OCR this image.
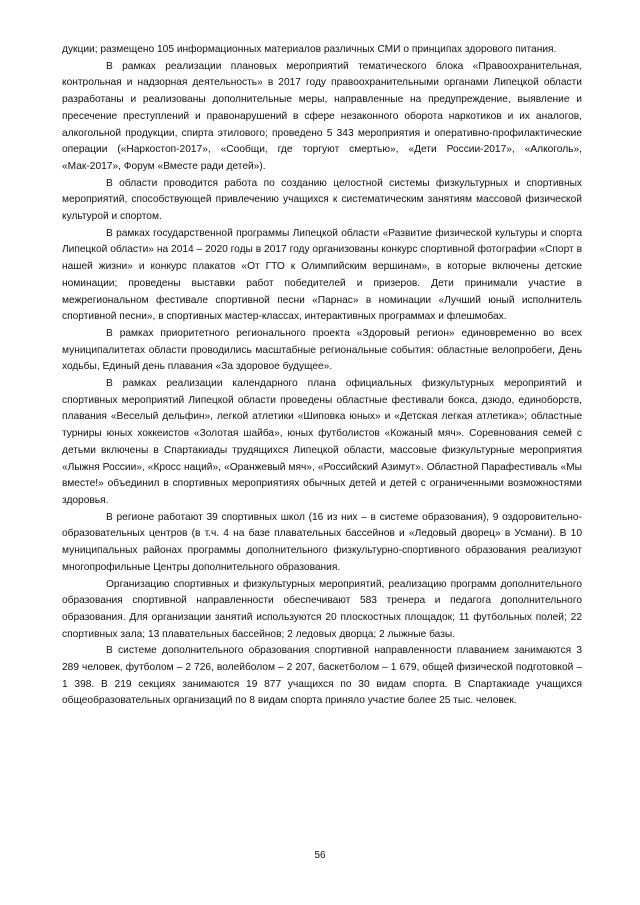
дукции; размещено 105 информационных материалов различных СМИ о принципах здорового питания.

В рамках реализации плановых мероприятий тематического блока «Правоохранительная, контрольная и надзорная деятельность» в 2017 году правоохранительными органами Липецкой области разработаны и реализованы дополнительные меры, направленные на предупреждение, выявление и пресечение преступлений и правонарушений в сфере незаконного оборота наркотиков и их аналогов, алкогольной продукции, спирта этилового; проведено 5 343 мероприятия и оперативно-профилактические операции («Наркостоп-2017», «Сообщи, где торгуют смертью», «Дети России-2017», «Алкоголь», «Мак-2017», Форум «Вместе ради детей»).

В области проводится работа по созданию целостной системы физкультурных и спортивных мероприятий, способствующей привлечению учащихся к систематическим занятиям массовой физической культурой и спортом.

В рамках государственной программы Липецкой области «Развитие физической культуры и спорта Липецкой области» на 2014 – 2020 годы в 2017 году организованы конкурс спортивной фотографии «Спорт в нашей жизни» и конкурс плакатов «От ГТО к Олимпийским вершинам», в которые включены детские номинации; проведены выставки работ победителей и призеров. Дети принимали участие в межрегиональном фестивале спортивной песни «Парнас» в номинации «Лучший юный исполнитель спортивной песни», в спортивных мастер-классах, интерактивных программах и флешмобах.

В рамках приоритетного регионального проекта «Здоровый регион» единовременно во всех муниципалитетах области проводились масштабные региональные события: областные велопробеги, День ходьбы, Единый день плавания «За здоровое будущее».

В рамках реализации календарного плана официальных физкультурных мероприятий и спортивных мероприятий Липецкой области проведены областные фестивали бокса, дзюдо, единоборств, плавания «Веселый дельфин», легкой атлетики «Шиповка юных» и «Детская легкая атлетика»; областные турниры юных хоккеистов «Золотая шайба», юных футболистов «Кожаный мяч». Соревнования семей с детьми включены в Спартакиады трудящихся Липецкой области, массовые физкультурные мероприятия «Лыжня России», «Кросс наций», «Оранжевый мяч», «Российский Азимут». Областной Парафестиваль «Мы вместе!» объединил в спортивных мероприятиях обычных детей и детей с ограниченными возможностями здоровья.

В регионе работают 39 спортивных школ (16 из них – в системе образования), 9 оздоровительно-образовательных центров (в т.ч. 4 на базе плавательных бассейнов и «Ледовый дворец» в Усмани). В 10 муниципальных районах программы дополнительного физкультурно-спортивного образования реализуют многопрофильные Центры дополнительного образования.

Организацию спортивных и физкультурных мероприятий, реализацию программ дополнительного образования спортивной направленности обеспечивают 583 тренера и педагога дополнительного образования. Для организации занятий используются 20 плоскостных площадок; 11 футбольных полей; 22 спортивных зала; 13 плавательных бассейнов; 2 ледовых дворца; 2 лыжные базы.

В системе дополнительного образования спортивной направленности плаванием занимаются 3 289 человек, футболом – 2 726, волейболом – 2 207, баскетболом – 1 679, общей физической подготовкой – 1 398. В 219 секциях занимаются 19 877 учащихся по 30 видам спорта. В Спартакиаде учащихся общеобразовательных организаций по 8 видам спорта приняло участие более 25 тыс. человек.

56
